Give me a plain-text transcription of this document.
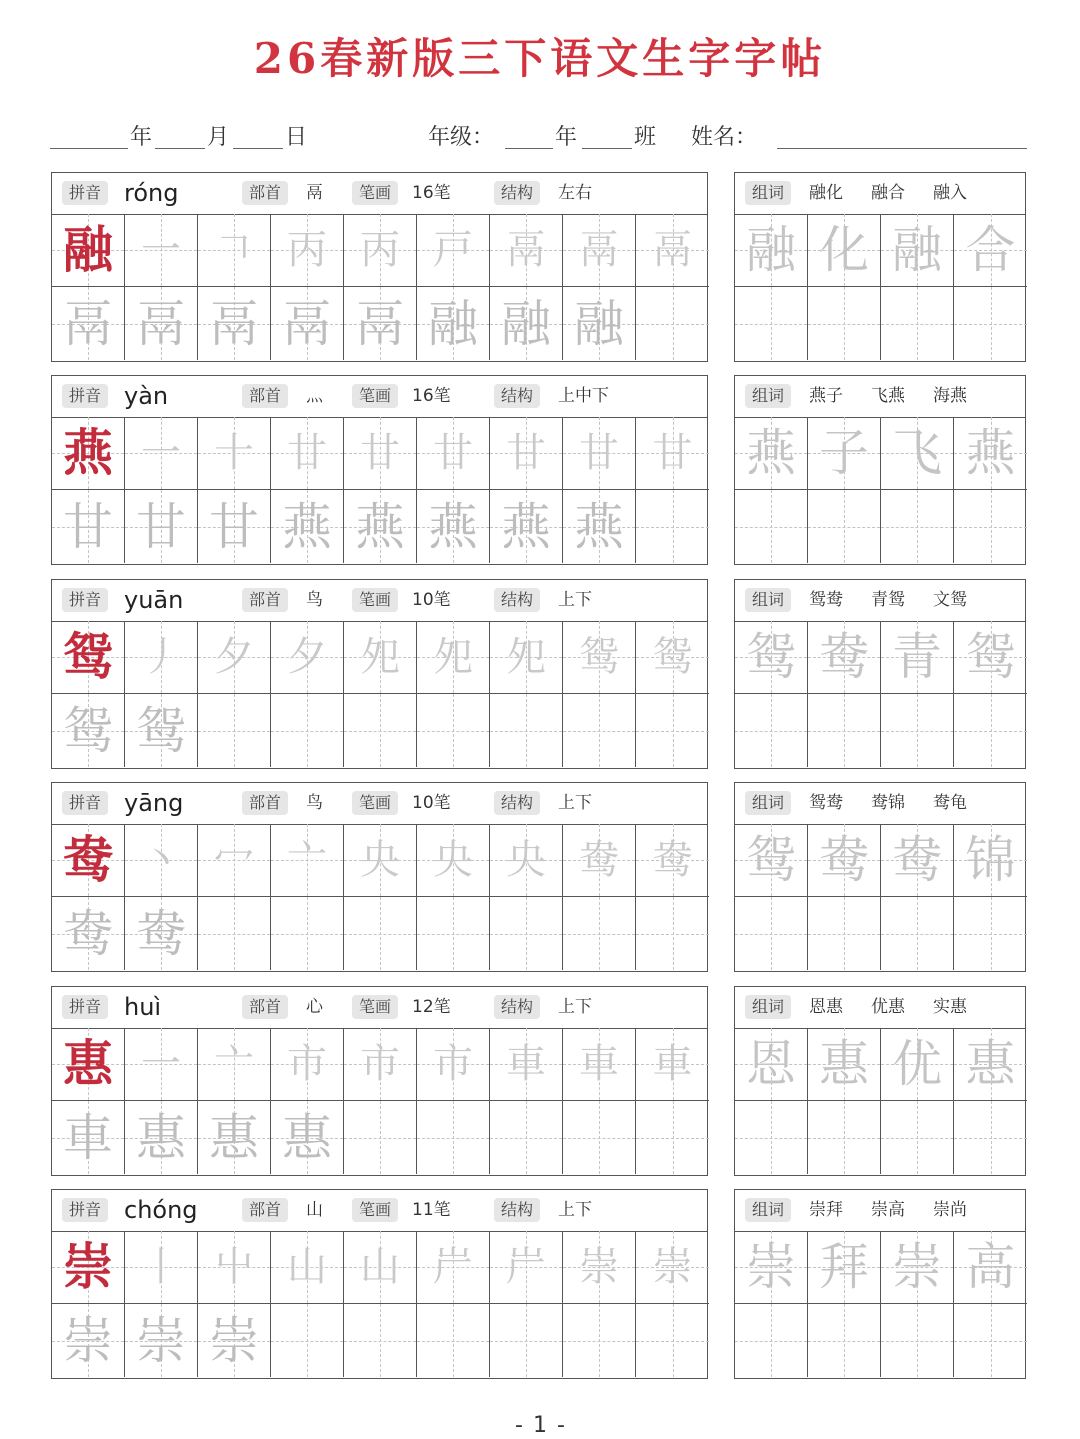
26春新版三下语文生字字帖
年 月	日	年级：	年	班 姓名：
拼音 róng	部首	鬲	笔画	16笔	结构	左右
融 一 𠃍 丙 丙 戸 鬲 鬲 鬲
鬲 鬲 鬲 鬲 鬲 融 融 融
组词	融化 融合 融入
融 化 融 合
拼音 yàn	部首	灬	笔画	16笔	结构	上中下
燕 一 十 廿 廿 廿 甘 甘 甘
甘 甘 甘 燕 燕 燕 燕 燕
组词	燕子 飞燕 海燕
燕 子 飞 燕
拼音 yuān	部首	鸟	笔画	10笔	结构	上下
鸳 丿 夕 夕 夗 夗 夗 鸳 鸳
鸳 鸳
组词	鸳鸯 青鸳 文鸳
鸳 鸯 青 鸳
拼音 yāng	部首	鸟	笔画	10笔	结构	上下
鸯 丶 冖 亠 央 央 央 鸯 鸯
鸯 鸯
组词	鸳鸯 鸯锦 鸯龟
鸳 鸯 鸯 锦
拼音 huì	部首	心	笔画	12笔	结构	上下
惠 一 亠 市 市 市 車 車 車
車 惠 惠 惠
组词	恩惠 优惠 实惠
恩 惠 优 惠
拼音 chóng	部首	山	笔画	11笔	结构	上下
崇 丨 屮 山 山 屵 屵 崇 崇
崇 崇 崇
组词	崇拜 崇高 崇尚
崇 拜 崇 高
- 1 -
